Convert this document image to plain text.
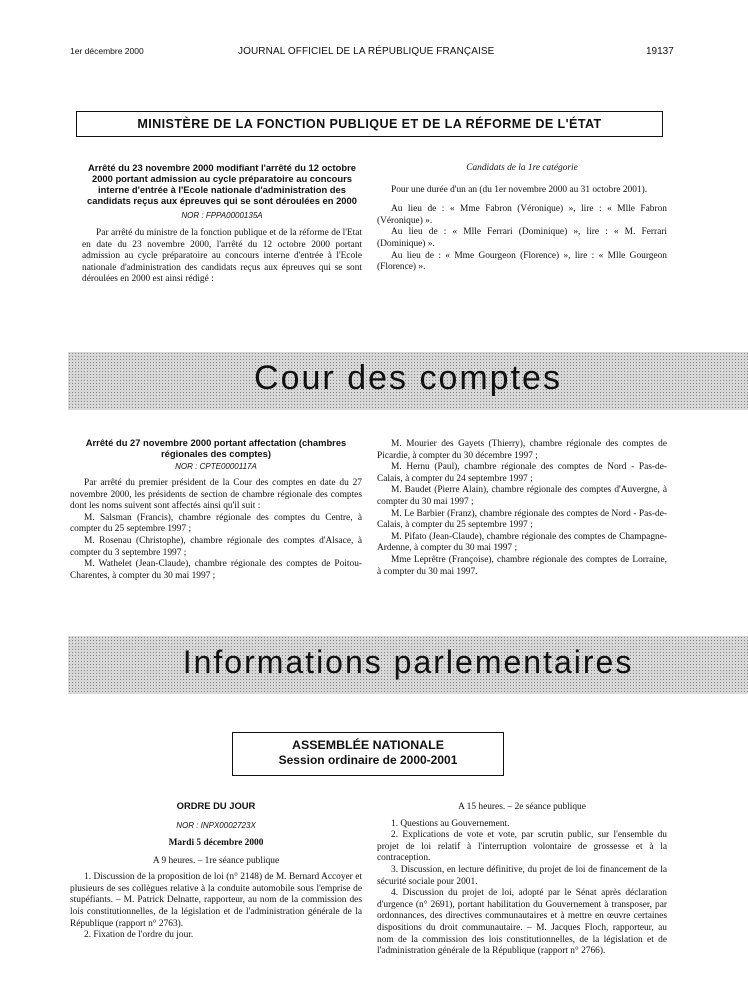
1er décembre 2000	JOURNAL OFFICIEL DE LA RÉPUBLIQUE FRANÇAISE	19137
MINISTÈRE DE LA FONCTION PUBLIQUE ET DE LA RÉFORME DE L'ÉTAT

Arrêté du 23 novembre 2000 modifiant l'arrêté du 12 octobre 2000 portant admission au cycle préparatoire au concours interne d'entrée à l'Ecole nationale d'administration des candidats reçus aux épreuves qui se sont déroulées en 2000

NOR : FPPA0000135A

Par arrêté du ministre de la fonction publique et de la réforme de l'Etat en date du 23 novembre 2000, l'arrêté du 12 octobre 2000 portant admission au cycle préparatoire au concours interne d'entrée à l'Ecole nationale d'administration des candidats reçus aux épreuves qui se sont déroulées en 2000 est ainsi rédigé :

Candidats de la 1re catégorie

Pour une durée d'un an (du 1er novembre 2000 au 31 octobre 2001).

Au lieu de : « Mme Fabron (Véronique) », lire : « Mlle Fabron (Véronique) ».

Au lieu de : « Mlle Ferrari (Dominique) », lire : « M. Ferrari (Dominique) ».

Au lieu de : « Mme Gourgeon (Florence) », lire : « Mlle Gourgeon (Florence) ».

Cour des comptes

Arrêté du 27 novembre 2000 portant affectation (chambres régionales des comptes)

NOR : CPTE0000117A

Par arrêté du premier président de la Cour des comptes en date du 27 novembre 2000, les présidents de section de chambre régionale des comptes dont les noms suivent sont affectés ainsi qu'il suit :

M. Salsman (Francis), chambre régionale des comptes du Centre, à compter du 25 septembre 1997 ;

M. Rosenau (Christophe), chambre régionale des comptes d'Alsace, à compter du 3 septembre 1997 ;

M. Wathelet (Jean-Claude), chambre régionale des comptes de Poitou-Charentes, à compter du 30 mai 1997 ;

M. Mourier des Gayets (Thierry), chambre régionale des comptes de Picardie, à compter du 30 décembre 1997 ;

M. Hernu (Paul), chambre régionale des comptes de Nord - Pas-de-Calais, à compter du 24 septembre 1997 ;

M. Baudet (Pierre Alain), chambre régionale des comptes d'Auvergne, à compter du 30 mai 1997 ;

M. Le Barbier (Franz), chambre régionale des comptes de Nord - Pas-de-Calais, à compter du 25 septembre 1997 ;

M. Pifato (Jean-Claude), chambre régionale des comptes de Champagne-Ardenne, à compter du 30 mai 1997 ;

Mme Leprêtre (Françoise), chambre régionale des comptes de Lorraine, à compter du 30 mai 1997.

Informations parlementaires
ASSEMBLÉE NATIONALE
Session ordinaire de 2000-2001

ORDRE DU JOUR

NOR : INPX0002723X

Mardi 5 décembre 2000

A 9 heures. – 1re séance publique

1. Discussion de la proposition de loi (n° 2148) de M. Bernard Accoyer et plusieurs de ses collègues relative à la conduite automobile sous l'emprise de stupéfiants. – M. Patrick Delnatte, rapporteur, au nom de la commission des lois constitutionnelles, de la législation et de l'administration générale de la République (rapport n° 2763).

2. Fixation de l'ordre du jour.

A 15 heures. – 2e séance publique

1. Questions au Gouvernement.

2. Explications de vote et vote, par scrutin public, sur l'ensemble du projet de loi relatif à l'interruption volontaire de grossesse et à la contraception.

3. Discussion, en lecture définitive, du projet de loi de financement de la sécurité sociale pour 2001.

4. Discussion du projet de loi, adopté par le Sénat après déclaration d'urgence (n° 2691), portant habilitation du Gouvernement à transposer, par ordonnances, des directives communautaires et à mettre en œuvre certaines dispositions du droit communautaire. – M. Jacques Floch, rapporteur, au nom de la commission des lois constitutionnelles, de la législation et de l'administration générale de la République (rapport n° 2766).
